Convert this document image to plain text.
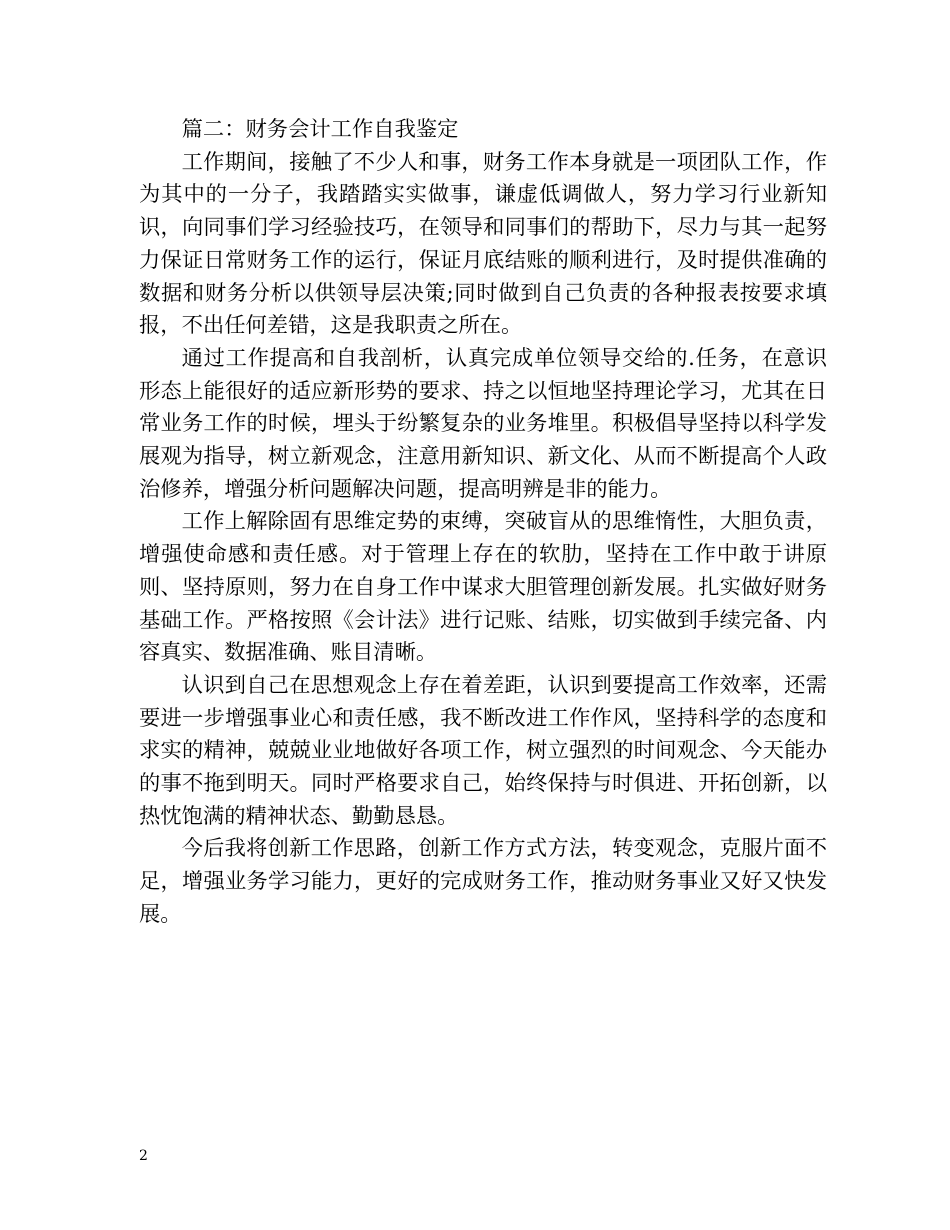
篇二：财务会计工作自我鉴定

工作期间，接触了不少人和事，财务工作本身就是一项团队工作，作为其中的一分子，我踏踏实实做事，谦虚低调做人，努力学习行业新知识，向同事们学习经验技巧，在领导和同事们的帮助下，尽力与其一起努力保证日常财务工作的运行，保证月底结账的顺利进行，及时提供准确的数据和财务分析以供领导层决策;同时做到自己负责的各种报表按要求填报，不出任何差错，这是我职责之所在。

通过工作提高和自我剖析，认真完成单位领导交给的.任务，在意识形态上能很好的适应新形势的要求、持之以恒地坚持理论学习，尤其在日常业务工作的时候，埋头于纷繁复杂的业务堆里。积极倡导坚持以科学发展观为指导，树立新观念，注意用新知识、新文化、从而不断提高个人政治修养，增强分析问题解决问题，提高明辨是非的能力。

工作上解除固有思维定势的束缚，突破盲从的思维惰性，大胆负责，增强使命感和责任感。对于管理上存在的软肋，坚持在工作中敢于讲原则、坚持原则，努力在自身工作中谋求大胆管理创新发展。扎实做好财务基础工作。严格按照《会计法》进行记账、结账，切实做到手续完备、内容真实、数据准确、账目清晰。

认识到自己在思想观念上存在着差距，认识到要提高工作效率，还需要进一步增强事业心和责任感，我不断改进工作作风，坚持科学的态度和求实的精神，兢兢业业地做好各项工作，树立强烈的时间观念、今天能办的事不拖到明天。同时严格要求自己，始终保持与时俱进、开拓创新，以热忱饱满的精神状态、勤勤恳恳。

今后我将创新工作思路，创新工作方式方法，转变观念，克服片面不足，增强业务学习能力，更好的完成财务工作，推动财务事业又好又快发展。

2
